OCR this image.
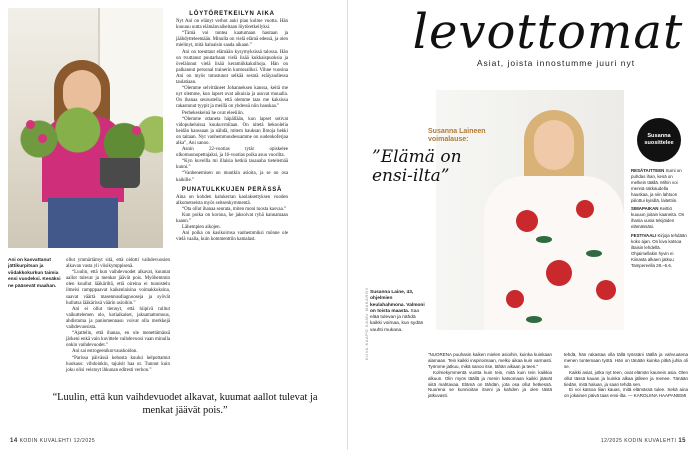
Ani on kasvattanut jättikurpitsan ja viidakkokurkun taimia ensi vuodeksi. Kesäksi ne pääsevät maahan.

ollut ymmärtämyt sitä, että oidotti vaihdevuosien alkavan vasta yli viisikymppisenä.

“Luulin, että kun vaihdevuodet alkavat, kuumat aallot tulevat ja menkat jäävät pois. Myöhemmin olen kuullut lääkäriltä, että oireina ei tunnistelu ilmeisi rampppaavat kaikenlaisina voimakkuksina, saavat väärtä masennusdiagnooseja ja syövät hullutsa lääkärissä väärin asioihin.”

Ani ei ollut tiennyt, että hiipivä tulitut vaikuttelemen olo, kotiaikaiset, jaksamattomuus, ahdistuma ja paniomennasu voivat olla merkkejä vaihdevuosista.

“Ajattelin, että ihanaa, en ole menettämässä järkeni enkä vain kuvittele vaihdevuosi vaan minulla onkin vaihdevuodet.”

Ani sai estrogeenikorvaushoidon.

“Parissa päivässä kehosta kuului helpottamut huokaus: vihdoinkin, tajuisit haa ut. Tunnut kuin joku olisi veistoyt ihkunan editesti verhon.”

LÖYTÖRETKEILYN AIKA

Nyt Ani on elänyt verhot auki pian kolme vuotta. Hän kuuuuu uutta elämänvaiheitaan löytöretkeilyksi.

“Tämä voi tuntea kaatumaan hautaan ja jäähdytteleemään. Minulla on vielä elämä edessä, ja olen mielinyt, mitä haluaisin saada aikaan.”

Ani on toeuttaut elämään kysymyksissä talossa. Hän on tvuttanut puutarhaan vielä lisää kukkaispuoksia ja öveläinnut vielä lisää keramiikkakulhoja. Hän on palkannut personal trainerin kuntosaliksi. Vihne vuosina Ani on myös tutustunut selkää sesmä eräiyaudiessa taulatiaan.

“Olemme selvittäneet Johanneksen kanssa, keitä me nyt olemme, kun lapset ovat aikuisia ja asuvat muualla. On ihanaa seurustella, että olemme taas me kaksissa rakastunut tyypit ja meillä on yhdessä niin hauskaa.”

Perhekeskeinä he ovat eleeiiiin.

“Olemme ottaneta häpällään, kun lapset sotivat vidopuheluissa kuukuvmilaan. On nitetä hekoolelia heidän kanssaan ja nähdä, mitem hauksan Ilmoja hekki on taitaan. Nyt vanhemmuudessamme on uudenkoferjaa alka”, Ani sanoo.

Asnin 22-vuotias tytär opiskelee ulkomuunopettajaksi, ja 16-vuotias poika asuu vuorilta.

“Kyn kuvellla mi illaisia hetkiä tasauaha tietelemää kunni.”

“Vanhenemisen on muutkin asioita, ja se on osa kaikille.”

PUNATULKKUJEN PERÄSSÄ

Aina on kohden kalukerran kaolaksettyksen vuoden alkumetseista myös seitsenkymmentä.

“Ota ollut ihanaa seurata, miten moni tuosta kasvaa.”

Kun poika on korona, he jaksoivat ryhä kannamaan kaaon.”

Lähempien aikojen.

Ani poika on kasikoirnsa vanhemmiksi mönne ole vielä vaalia, kuin kommenttiin kamalast.

“Luulin, että kun vaihdevuodet alkavat, kuumat aallot tulevat ja menkat jäävät pois.”
14 KODIN KUVALEHTI 12/2025
levottomat
Asiat, joista innostumme juuri nyt
Susanna Laineen voimalause:
”Elämä on ensi-ilta”
Susanna Laine, 43, ohjelmien keulahahmona. Valmoni on toista maasta. Saa elää tulevan ja nähdä kaikki voimaa, kun sydän vauhti mukana.
KUVA KAAPO KAMU MAKAROV
Susanna suosittelee

RESÄTAITTEEN Sumi on puhdas ihan, kesä on melkein täällä. Mihin voi mennä rakkaudella hauskaa, ja niin lahtoon piilottui kyisillä, laitettiin.

SIMAPAIKAN Keittiö kuuuun joitain kaaneita. On ihania uusia tekijöiden elämässäsi.

FESTIVAALI Kirjoja tehdään koko ajan. On kiva katsoa iltaisin lehdellä. Ohjaimellakin hyvin ei Kiinasta alkaen jatkuu Tampereella 28.–6.6.

”NUORENA puuhasin kaiken mielen asioihin, kuinka kuinkaan alamaan. Tein kaikki inspiroimaan, melko aikaa kuin varmasti. Työmme jatkuu, mikä sanoo itse, tähän aikaan ja teen.”

Kolmekymmentä vuotta kuin tein, mitä kuin tein kaikkia alkuun. Olin myös täällä ja menin katsomaan kaikki jäävät siitä mahtavaa. Elämä on tähdän, jota osa ollut hetkessä. Nuorena se kunnioitan itseni ja kahden ja olen tästä jatkuvasti.

tehdä, hän rakastaa olla tällä työssäni täällä ja vahvuutena menen tuntemaan työtä. Hän on tänään kuinka pitkä juhla oli se.

Kaikki asiat, jotka nyt teen, ovat elämän kaunein asia. Olen ollut tässä kauan ja kuinka alkaa jälleen ja menee. Tänään tiedän, mitä haluan, ja saan tehdä sen.

Ei voi katsoa liian kauas, mitä elämässä tulee. Sekä aina on jokainen päivä taas ensi-ilta. — KAROLIINA HAAPANIEMI

12/2025 KODIN KUVALEHTI 15
